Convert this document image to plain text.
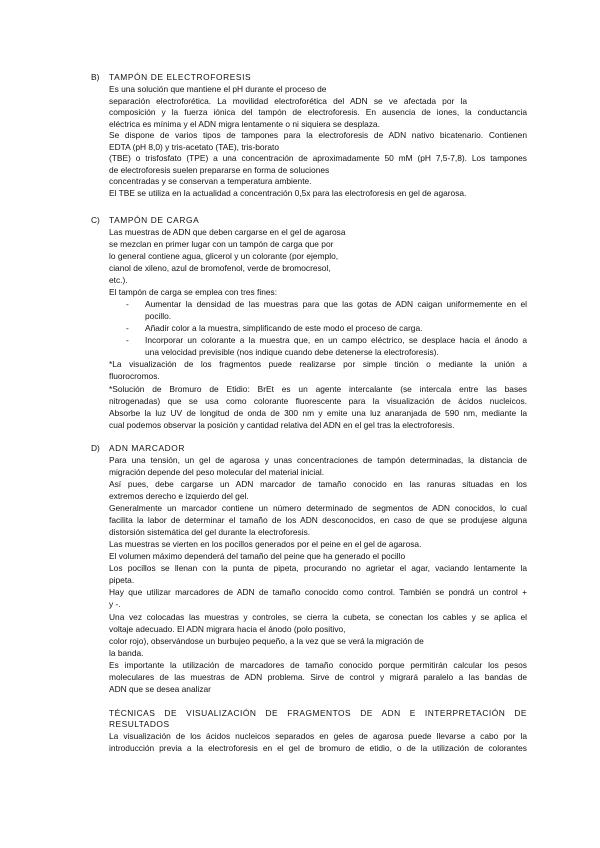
B) TAMPÓN DE ELECTROFORESIS
Es una solución que mantiene el pH durante el proceso de
separación electroforética. La movilidad electroforética del ADN se ve afectada por la
composición y la fuerza iónica del tampón de electroforesis. En ausencia de iones, la conductancia
eléctrica es mínima y el ADN migra lentamente o ni siquiera se desplaza.
Se dispone de varios tipos de tampones para la electroforesis de ADN nativo bicatenario. Contienen
EDTA (pH 8,0) y tris-acetato (TAE), tris-borato
(TBE) o trisfosfato (TPE) a una concentración de aproximadamente 50 mM (pH 7,5-7,8). Los tampones
de electroforesis suelen prepararse en forma de soluciones
concentradas y se conservan a temperatura ambiente.
El TBE se utiliza en la actualidad a concentración 0,5x para las electroforesis en gel de agarosa.
C) TAMPÓN DE CARGA
Las muestras de ADN que deben cargarse en el gel de agarosa
se mezclan en primer lugar con un tampón de carga que por
lo general contiene agua, glicerol y un colorante (por ejemplo,
cianol de xileno, azul de bromofenol, verde de bromocresol,
etc.).
El tampón de carga se emplea con tres fines:
- Aumentar la densidad de las muestras para que las gotas de ADN caigan uniformemente en el
pocillo.
- Añadir color a la muestra, simplificando de este modo el proceso de carga.
- Incorporar un colorante a la muestra que, en un campo eléctrico, se desplace hacia el ánodo a
una velocidad previsible (nos indique cuando debe detenerse la electroforesis).
*La visualización de los fragmentos puede realizarse por simple tinción o mediante la unión a
fluorocromos.
*Solución de Bromuro de Etidio: BrEt es un agente intercalante (se intercala entre las bases
nitrogenadas) que se usa como colorante fluorescente para la visualización de ácidos nucleicos.
Absorbe la luz UV de longitud de onda de 300 nm y emite una luz anaranjada de 590 nm, mediante la
cual podemos observar la posición y cantidad relativa del ADN en el gel tras la electroforesis.
D) ADN MARCADOR
Para una tensión, un gel de agarosa y unas concentraciones de tampón determinadas, la distancia de
migración depende del peso molecular del material inicial.
Así pues, debe cargarse un ADN marcador de tamaño conocido en las ranuras situadas en los
extremos derecho e izquierdo del gel.
Generalmente un marcador contiene un número determinado de segmentos de ADN conocidos, lo cual
facilita la labor de determinar el tamaño de los ADN desconocidos, en caso de que se produjese alguna
distorsión sistemática del gel durante la electroforesis.
Las muestras se vierten en los pocillos generados por el peine en el gel de agarosa.
El volumen máximo dependerá del tamaño del peine que ha generado el pocillo
Los pocillos se llenan con la punta de pipeta, procurando no agrietar el agar, vaciando lentamente la
pipeta.
Hay que utilizar marcadores de ADN de tamaño conocido como control. También se pondrá un control +
y -.
Una vez colocadas las muestras y controles, se cierra la cubeta, se conectan los cables y se aplica el
voltaje adecuado. El ADN migrara hacia el ánodo (polo positivo,
color rojo), observándose un burbujeo pequeño, a la vez que se verá la migración de
la banda.
Es importante la utilización de marcadores de tamaño conocido porque permitirán calcular los pesos
moleculares de las muestras de ADN problema. Sirve de control y migrará paralelo a las bandas de
ADN que se desea analizar
TÉCNICAS DE VISUALIZACIÓN DE FRAGMENTOS DE ADN E INTERPRETACIÓN DE
RESULTADOS
La visualización de los ácidos nucleicos separados en geles de agarosa puede llevarse a cabo por la
introducción previa a la electroforesis en el gel de bromuro de etidio, o de la utilización de colorantes
